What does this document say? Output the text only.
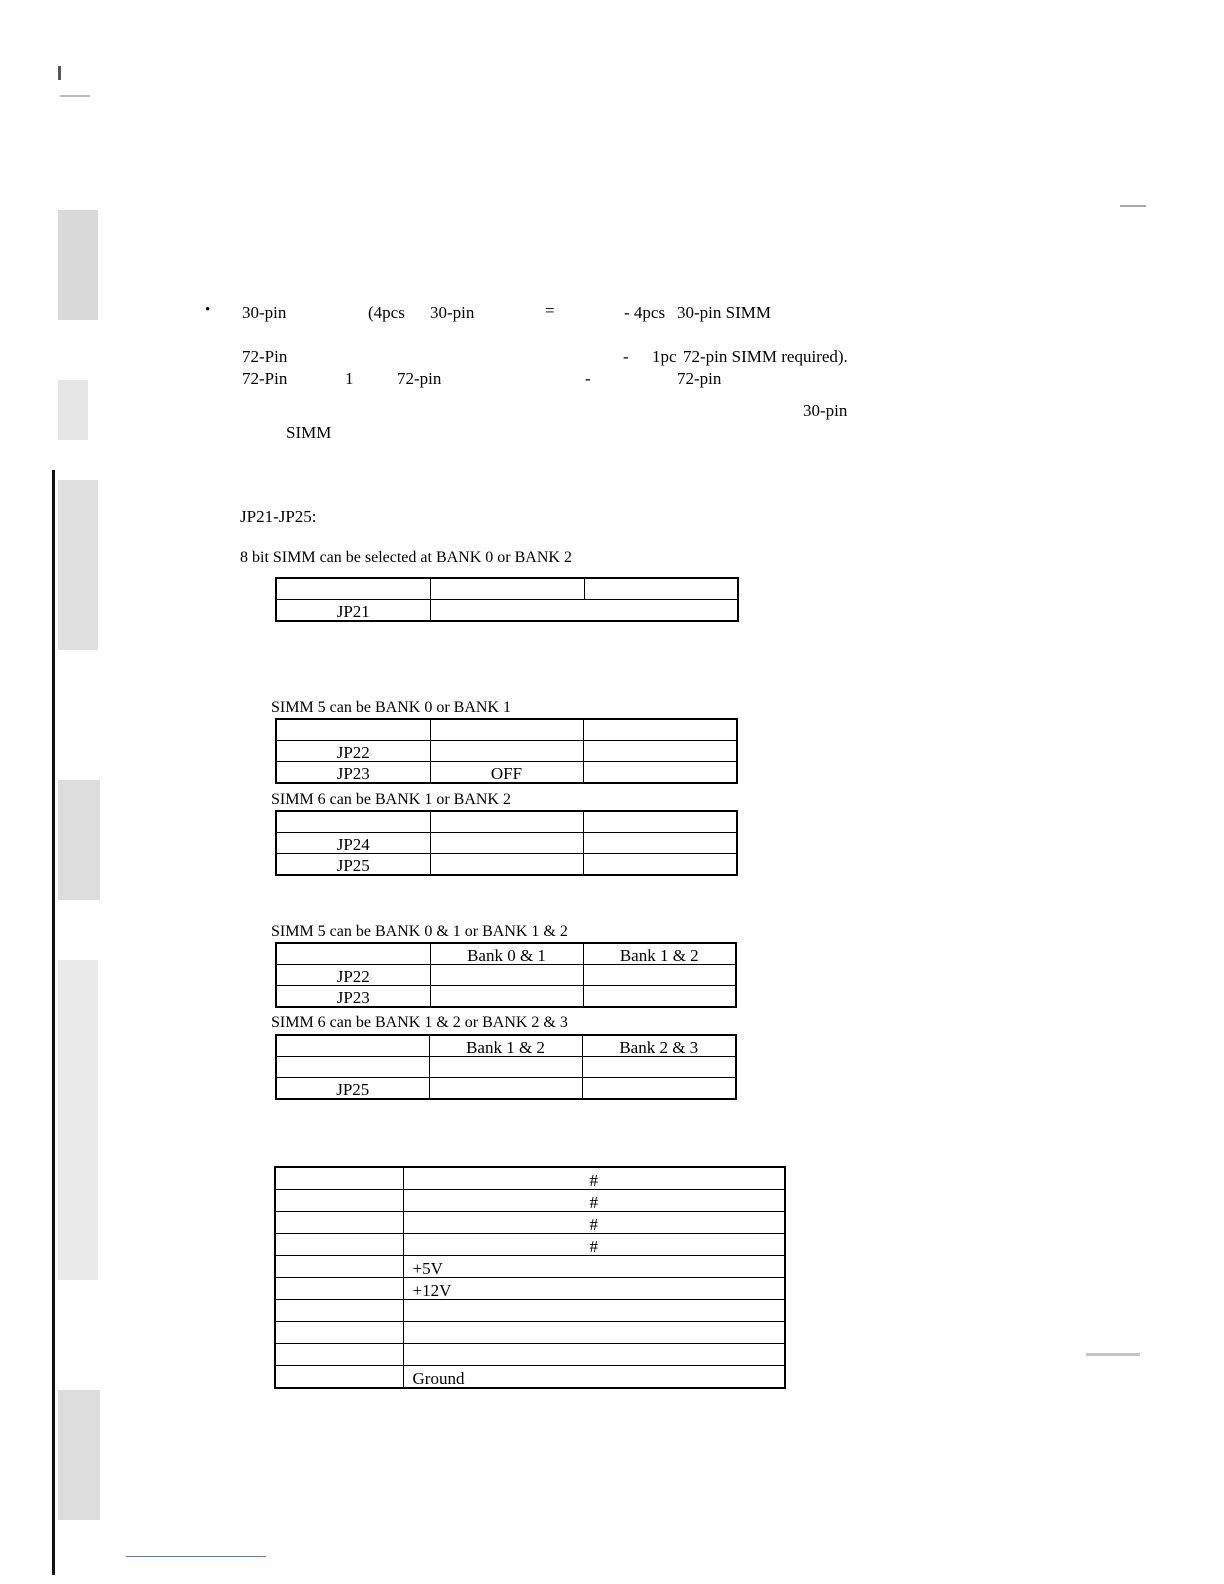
• 30-pin	(4pcs 30-pin	=	- 4pcs 30-pin SIMM
72-Pin	- 1pc 72-pin SIMM required).
72-Pin	1	72-pin	-	72-pin
30-pin
SIMM
JP21-JP25:
8 bit SIMM can be selected at BANK 0 or BANK 2

JP21		
SIMM 5 can be BANK 0 or BANK 1

JP22		
JP23	OFF	
SIMM 6 can be BANK 1 or BANK 2

JP24		
JP25		
SIMM 5 can be BANK 0 & 1 or BANK 1 & 2
	Bank 0 & 1	Bank 1 & 2
JP22		
JP23		
SIMM 6 can be BANK 1 & 2 or BANK 2 & 3
	Bank 1 & 2	Bank 2 & 3

JP25		
	#
	#
	#
	#
	+5V
	+12V

	Ground
